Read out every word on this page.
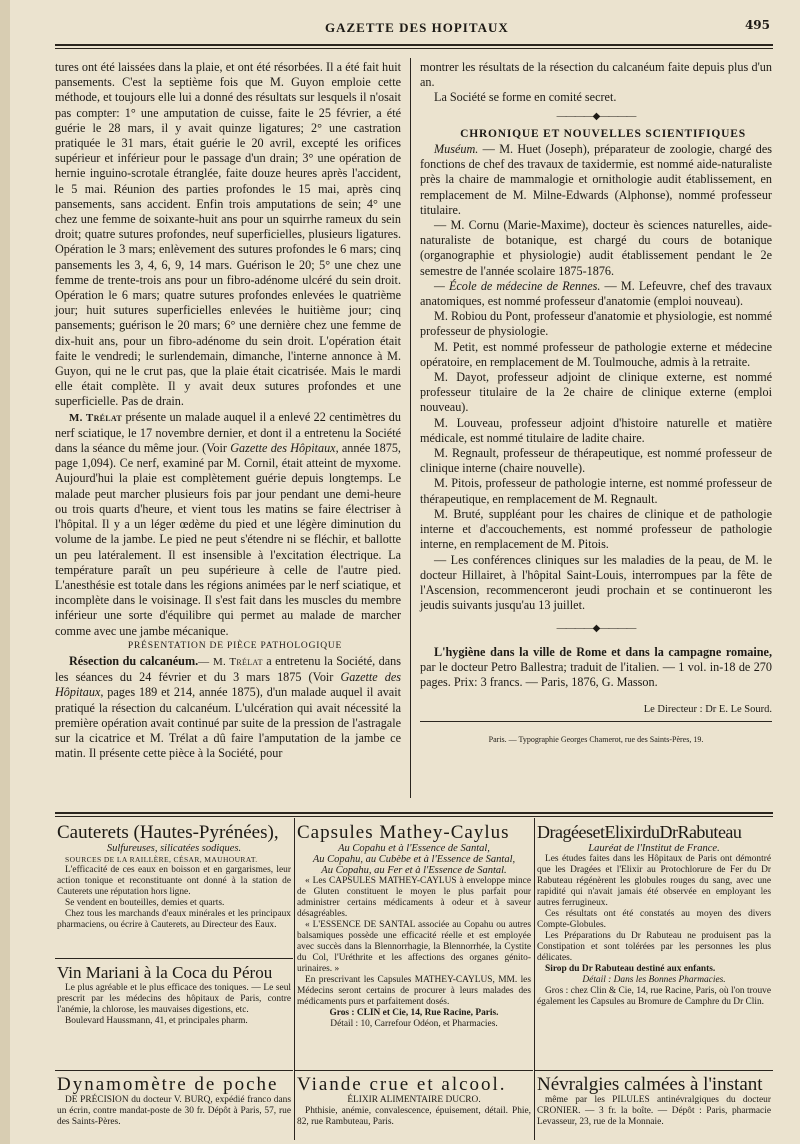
GAZETTE DES HOPITAUX	495

tures ont été laissées dans la plaie, et ont été résorbées. Il a été fait huit pansements. C'est la septième fois que M. Guyon emploie cette méthode, et toujours elle lui a donné des résultats sur lesquels il n'osait pas compter: 1° une amputation de cuisse, faite le 25 février, a été guérie le 28 mars, il y avait quinze ligatures; 2° une castration pratiquée le 31 mars, était guérie le 20 avril, excepté les orifices supérieur et inférieur pour le passage d'un drain; 3° une opération de hernie inguino-scrotale étranglée, faite douze heures après l'accident, le 5 mai. Réunion des parties profondes le 15 mai, après cinq pansements, sans accident. Enfin trois amputations de sein; 4° une chez une femme de soixante-huit ans pour un squirrhe rameux du sein droit; quatre sutures profondes, neuf superficielles, plusieurs ligatures. Opération le 3 mars; enlèvement des sutures profondes le 6 mars; cinq pansements les 3, 4, 6, 9, 14 mars. Guérison le 20; 5° une chez une femme de trente-trois ans pour un fibro-adénome ulcéré du sein droit. Opération le 6 mars; quatre sutures profondes enlevées le quatrième jour; huit sutures superficielles enlevées le huitième jour; cinq pansements; guérison le 20 mars; 6° une dernière chez une femme de dix-huit ans, pour un fibro-adénome du sein droit. L'opération était faite le vendredi; le surlendemain, dimanche, l'interne annonce à M. Guyon, qui ne le crut pas, que la plaie était cicatrisée. Mais le mardi elle était complète. Il y avait deux sutures profondes et une superficielle. Pas de drain.

M. Trélat présente un malade auquel il a enlevé 22 centimètres du nerf sciatique, le 17 novembre dernier, et dont il a entretenu la Société dans la séance du même jour. (Voir Gazette des Hôpitaux, année 1875, page 1,094). Ce nerf, examiné par M. Cornil, était atteint de myxome. Aujourd'hui la plaie est complètement guérie depuis longtemps. Le malade peut marcher plusieurs fois par jour pendant une demi-heure ou trois quarts d'heure, et vient tous les matins se faire électriser à l'hôpital. Il y a un léger œdème du pied et une légère diminution du volume de la jambe. Le pied ne peut s'étendre ni se fléchir, et ballotte un peu latéralement. Il est insensible à l'excitation électrique. La température paraît un peu supérieure à celle de l'autre pied. L'anesthésie est totale dans les régions animées par le nerf sciatique, et incomplète dans le voisinage. Il s'est fait dans les muscles du membre inférieur une sorte d'équilibre qui permet au malade de marcher comme avec une jambe mécanique.

PRÉSENTATION DE PIÈCE PATHOLOGIQUE

Résection du calcanéum.— M. Trélat a entretenu la Société, dans les séances du 24 février et du 3 mars 1875 (Voir Gazette des Hôpitaux, pages 189 et 214, année 1875), d'un malade auquel il avait pratiqué la résection du calcanéum. L'ulcération qui avait nécessité la première opération avait continué par suite de la pression de l'astragale sur la cicatrice et M. Trélat a dû faire l'amputation de la jambe ce matin. Il présente cette pièce à la Société, pour

montrer les résultats de la résection du calcanéum faite depuis plus d'un an.

La Société se forme en comité secret.

————◆————

CHRONIQUE ET NOUVELLES SCIENTIFIQUES

Muséum. — M. Huet (Joseph), préparateur de zoologie, chargé des fonctions de chef des travaux de taxidermie, est nommé aide-naturaliste près la chaire de mammalogie et ornithologie audit établissement, en remplacement de M. Milne-Edwards (Alphonse), nommé professeur titulaire.

— M. Cornu (Marie-Maxime), docteur ès sciences naturelles, aide-naturaliste de botanique, est chargé du cours de botanique (organographie et physiologie) audit établissement pendant le 2e semestre de l'année scolaire 1875-1876.

— École de médecine de Rennes. — M. Lefeuvre, chef des travaux anatomiques, est nommé professeur d'anatomie (emploi nouveau).

M. Robiou du Pont, professeur d'anatomie et physiologie, est nommé professeur de physiologie.

M. Petit, est nommé professeur de pathologie externe et médecine opératoire, en remplacement de M. Toulmouche, admis à la retraite.

M. Dayot, professeur adjoint de clinique externe, est nommé professeur titulaire de la 2e chaire de clinique externe (emploi nouveau).

M. Louveau, professeur adjoint d'histoire naturelle et matière médicale, est nommé titulaire de ladite chaire.

M. Regnault, professeur de thérapeutique, est nommé professeur de clinique interne (chaire nouvelle).

M. Pitois, professeur de pathologie interne, est nommé professeur de thérapeutique, en remplacement de M. Regnault.

M. Bruté, suppléant pour les chaires de clinique et de pathologie interne et d'accouchements, est nommé professeur de pathologie interne, en remplacement de M. Pitois.

— Les conférences cliniques sur les maladies de la peau, de M. le docteur Hillairet, à l'hôpital Saint-Louis, interrompues par la fête de l'Ascension, recommenceront jeudi prochain et se continueront les jeudis suivants jusqu'au 13 juillet.

————◆————

L'hygiène dans la ville de Rome et dans la campagne romaine, par le docteur Petro Ballestra; traduit de l'italien. — 1 vol. in-18 de 270 pages. Prix: 3 francs. — Paris, 1876, G. Masson.

Le Directeur : Dr E. Le Sourd.
Paris. — Typographie Georges Chamerot, rue des Saints-Pères, 19.
Cauterets (Hautes-Pyrénées),
Sulfureuses, silicatées sodiques.
SOURCES DE LA RAILLÈRE, CÉSAR, MAUHOURAT.

L'efficacité de ces eaux en boisson et en gargarismes, leur action tonique et reconstituante ont donné à la station de Cauterets une réputation hors ligne.

Se vendent en bouteilles, demies et quarts.

Chez tous les marchands d'eaux minérales et les principaux pharmaciens, ou écrire à Cauterets, au Directeur des Eaux.

Vin Mariani à la Coca du Pérou

Le plus agréable et le plus efficace des toniques. — Le seul prescrit par les médecins des hôpitaux de Paris, contre l'anémie, la chlorose, les mauvaises digestions, etc.

Boulevard Haussmann, 41, et principales pharm.

Dynamomètre de poche

DE PRÉCISION du docteur V. BURQ, expédié franco dans un écrin, contre mandat-poste de 30 fr. Dépôt à Paris, 57, rue des Saints-Pères.

Capsules Mathey-Caylus
Au Copahu et à l'Essence de Santal,
Au Copahu, au Cubèbe et à l'Essence de Santal,
Au Copahu, au Fer et à l'Essence de Santal.

« Les CAPSULES MATHEY-CAYLUS à enveloppe mince de Gluten constituent le moyen le plus parfait pour administrer certains médicaments à odeur et à saveur désagréables.

« L'ESSENCE DE SANTAL associée au Copahu ou autres balsamiques possède une efficacité réelle et est employée avec succès dans la Blennorrhagie, la Blennorrhée, la Cystite du Col, l'Uréthrite et les affections des organes génito-urinaires. »

En prescrivant les Capsules MATHEY-CAYLUS, MM. les Médecins seront certains de procurer à leurs malades des médicaments purs et parfaitement dosés.

Gros : CLIN et Cie, 14, Rue Racine, Paris.

Détail : 10, Carrefour Odéon, et Pharmacies.

Viande crue et alcool.

ÉLIXIR ALIMENTAIRE DUCRO.

Phthisie, anémie, convalescence, épuisement, détail. Phie, 82, rue Rambuteau, Paris.

DragéesetElixirduDrRabuteau
Lauréat de l'Institut de France.

Les études faites dans les Hôpitaux de Paris ont démontré que les Dragées et l'Elixir au Protochlorure de Fer du Dr Rabuteau régénèrent les globules rouges du sang, avec une rapidité qui n'avait jamais été observée en employant les autres ferrugineux.

Ces résultats ont été constatés au moyen des divers Compte-Globules.

Les Préparations du Dr Rabuteau ne produisent pas la Constipation et sont tolérées par les personnes les plus délicates.

Sirop du Dr Rabuteau destiné aux enfants.

Détail : Dans les Bonnes Pharmacies.

Gros : chez Clin & Cie, 14, rue Racine, Paris, où l'on trouve également les Capsules au Bromure de Camphre du Dr Clin.

Névralgies calmées à l'instant

même par les PILULES antinévralgiques du docteur CRONIER. — 3 fr. la boîte. — Dépôt : Paris, pharmacie Levasseur, 23, rue de la Monnaie.
